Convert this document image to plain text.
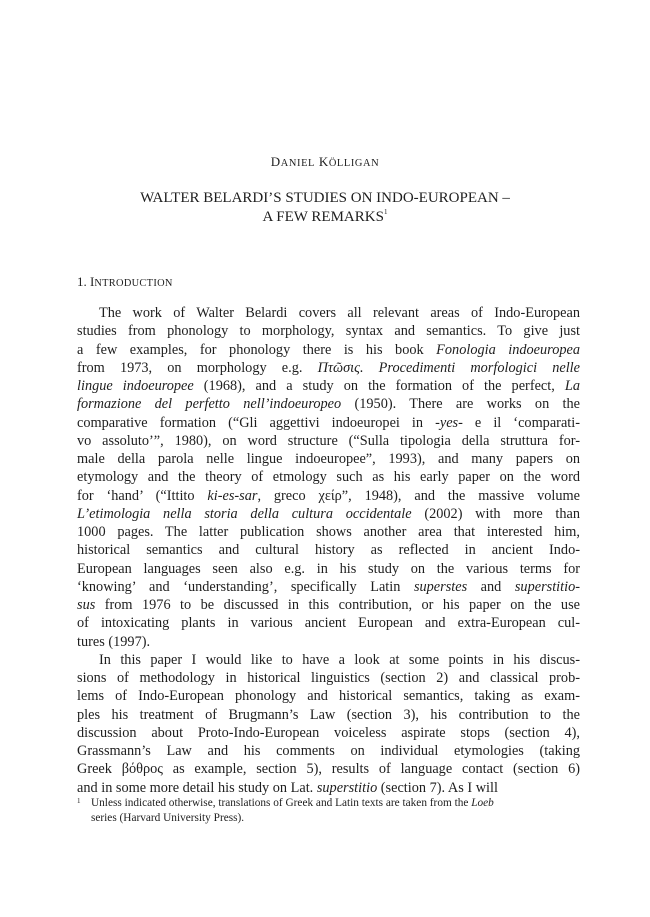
DANIEL KÖLLIGAN
WALTER BELARDI’S STUDIES ON INDO-EUROPEAN –
A FEW REMARKS$^1$
1. INTRODUCTION
The work of Walter Belardi covers all relevant areas of Indo-European
studies from phonology to morphology, syntax and semantics. To give just
a few examples, for phonology there is his book Fonologia indoeuropea
from 1973, on morphology e.g. Πτῶσις. Procedimenti morfologici nelle
lingue indoeuropee (1968), and a study on the formation of the perfect, La
formazione del perfetto nell’indoeuropeo (1950). There are works on the
comparative formation (“Gli aggettivi indoeuropei in -yes- e il ‘comparati-
vo assoluto’”, 1980), on word structure (“Sulla tipologia della struttura for-
male della parola nelle lingue indoeuropee”, 1993), and many papers on
etymology and the theory of etmology such as his early paper on the word
for ‘hand’ (“Ittito ki-es-sar, greco χείρ”, 1948), and the massive volume
L’etimologia nella storia della cultura occidentale (2002) with more than
1000 pages. The latter publication shows another area that interested him,
historical semantics and cultural history as reflected in ancient Indo-
European languages seen also e.g. in his study on the various terms for
‘knowing’ and ‘understanding’, specifically Latin superstes and superstitio-
sus from 1976 to be discussed in this contribution, or his paper on the use
of intoxicating plants in various ancient European and extra-European cul-
tures (1997).
In this paper I would like to have a look at some points in his discus-
sions of methodology in historical linguistics (section 2) and classical prob-
lems of Indo-European phonology and historical semantics, taking as exam-
ples his treatment of Brugmann’s Law (section 3), his contribution to the
discussion about Proto-Indo-European voiceless aspirate stops (section 4),
Grassmann’s Law and his comments on individual etymologies (taking
Greek βόθρος as example, section 5), results of language contact (section 6)
and in some more detail his study on Lat. superstitio (section 7). As I will
1 Unless indicated otherwise, translations of Greek and Latin texts are taken from the Loeb
series (Harvard University Press).
